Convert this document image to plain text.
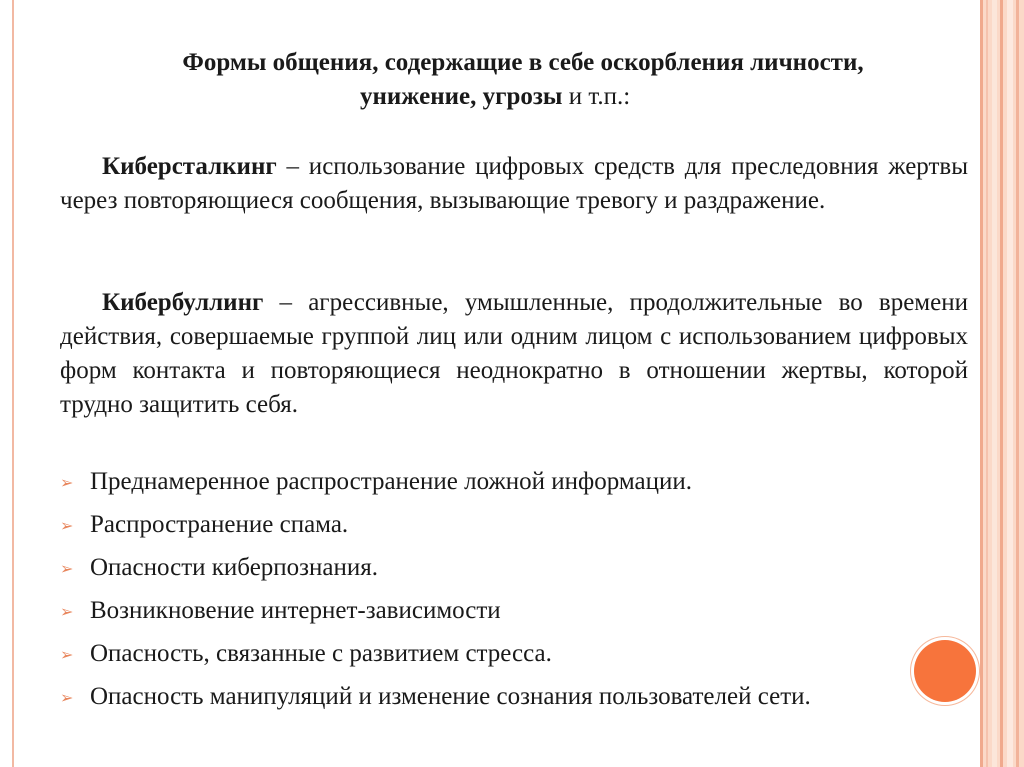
Формы общения, содержащие в себе оскорбления личности,
унижение, угрозы и т.п.:
Киберсталкинг – использование цифровых средств для преследовния жертвы через повторяющиеся сообщения, вызывающие тревогу и раздражение.
Кибербуллинг – агрессивные, умышленные, продолжительные во времени действия, совершаемые группой лиц или одним лицом с использованием цифровых форм контакта и повторяющиеся неоднократно в отношении жертвы, которой трудно защитить себя.
➢ Преднамеренное распространение ложной информации.
➢ Распространение спама.
➢ Опасности киберпознания.
➢ Возникновение интернет-зависимости
➢ Опасность, связанные с развитием стресса.
➢ Опасность манипуляций и изменение сознания пользователей сети.
